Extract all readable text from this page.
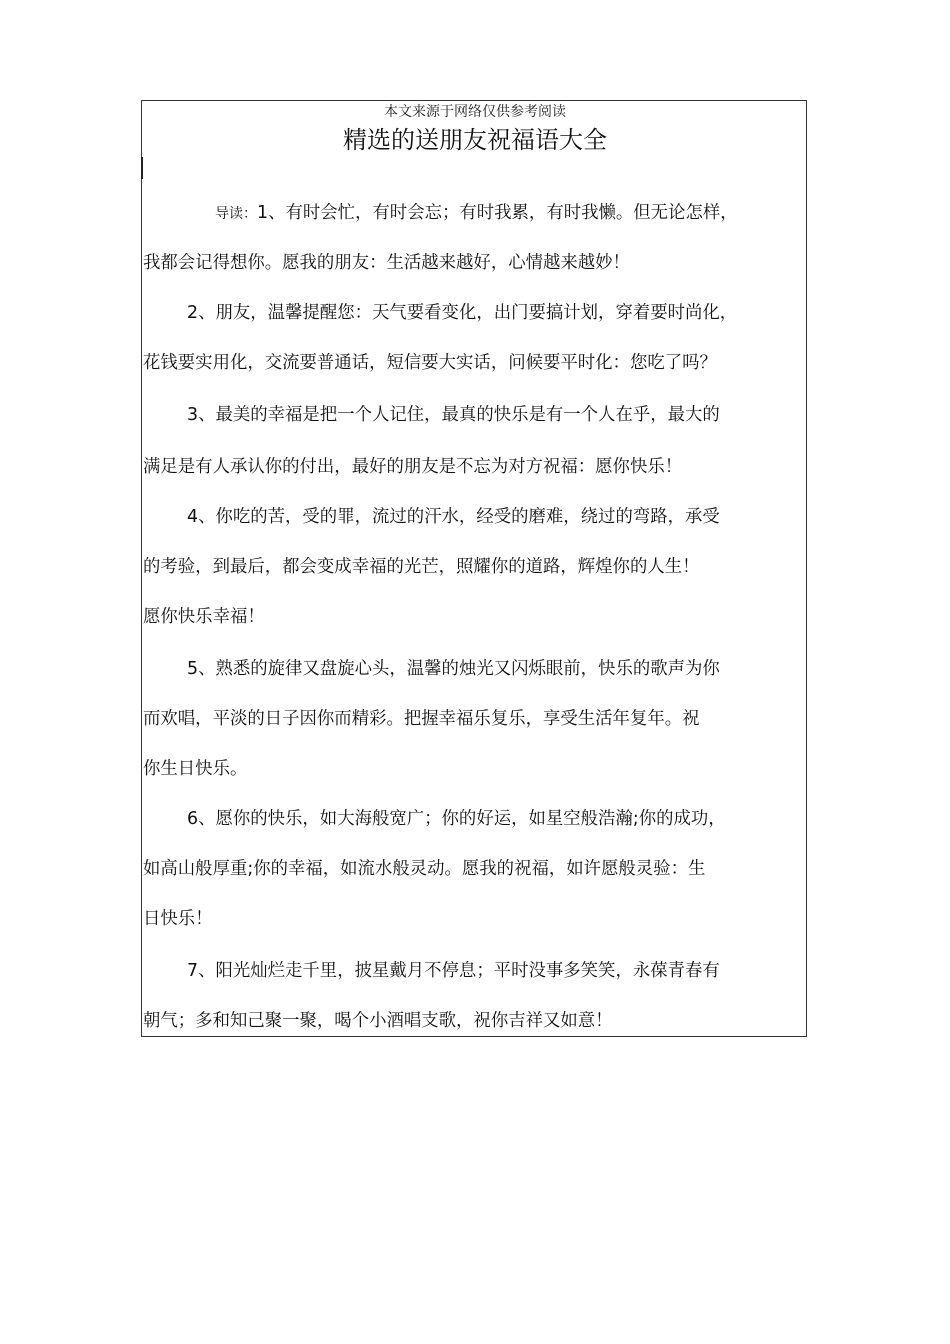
本文来源于网络仅供参考阅读
精选的送朋友祝福语大全
导读：1、有时会忙，有时会忘；有时我累，有时我懒。但无论怎样，
我都会记得想你。愿我的朋友：生活越来越好，心情越来越妙！
2、朋友，温馨提醒您：天气要看变化，出门要搞计划，穿着要时尚化，
花钱要实用化，交流要普通话，短信要大实话，问候要平时化：您吃了吗？
3、最美的幸福是把一个人记住，最真的快乐是有一个人在乎，最大的
满足是有人承认你的付出，最好的朋友是不忘为对方祝福：愿你快乐！
4、你吃的苦，受的罪，流过的汗水，经受的磨难，绕过的弯路，承受
的考验，到最后，都会变成幸福的光芒，照耀你的道路，辉煌你的人生！
愿你快乐幸福！
5、熟悉的旋律又盘旋心头，温馨的烛光又闪烁眼前，快乐的歌声为你
而欢唱，平淡的日子因你而精彩。把握幸福乐复乐，享受生活年复年。祝
你生日快乐。
6、愿你的快乐，如大海般宽广；你的好运，如星空般浩瀚;你的成功，
如高山般厚重;你的幸福，如流水般灵动。愿我的祝福，如许愿般灵验：生
日快乐！
7、阳光灿烂走千里，披星戴月不停息；平时没事多笑笑，永葆青春有
朝气；多和知己聚一聚，喝个小酒唱支歌，祝你吉祥又如意！
